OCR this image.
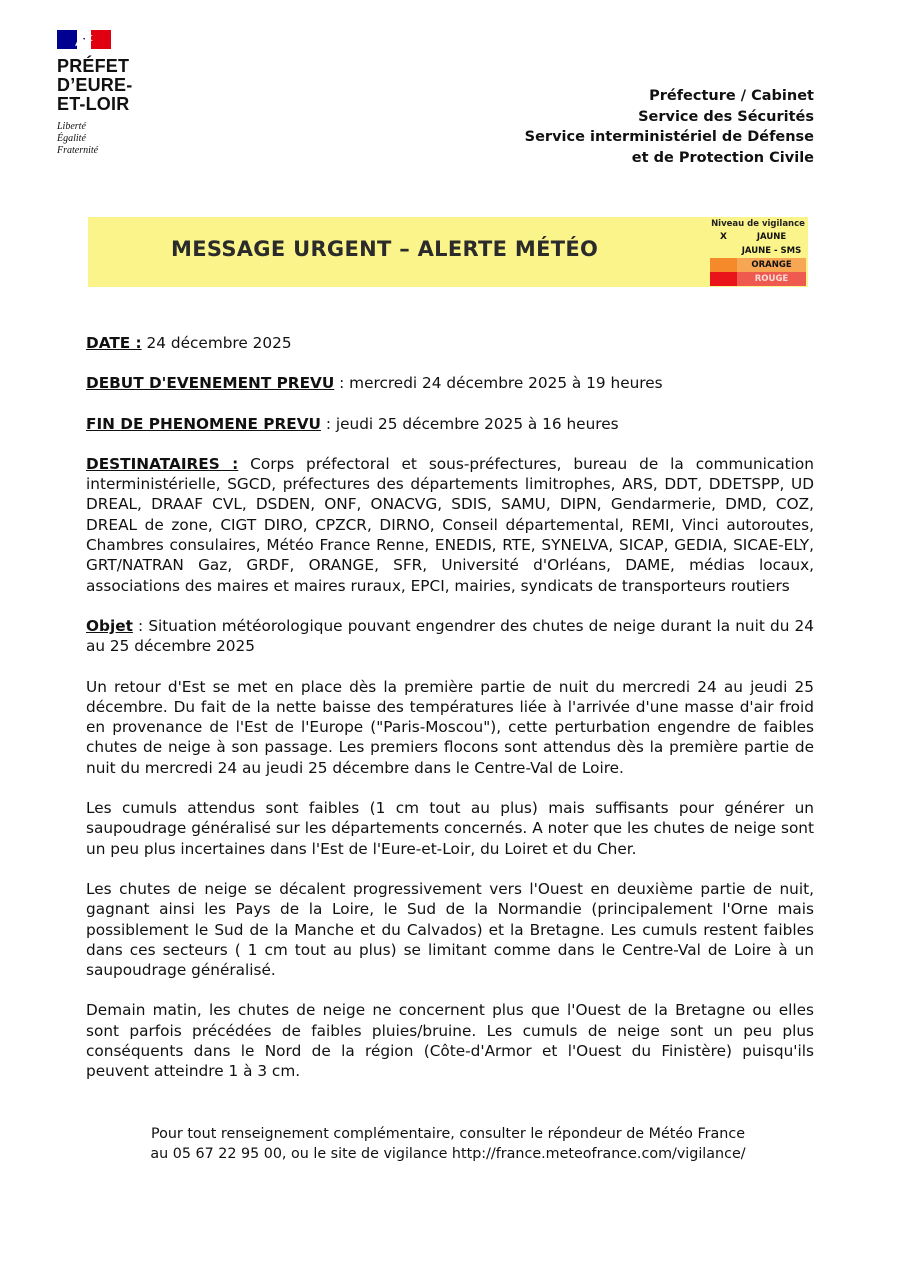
PRÉFET
D’EURE-
ET-LOIR
Liberté
Égalité
Fraternité
Préfecture / Cabinet
Service des Sécurités
Service interministériel de Défense
et de Protection Civile
MESSAGE URGENT – ALERTE MÉTÉO
Niveau de vigilance
X	JAUNE
JAUNE - SMS
ORANGE
ROUGE

DATE : 24 décembre 2025

DEBUT D'EVENEMENT PREVU : mercredi 24 décembre 2025 à 19 heures

FIN DE PHENOMENE PREVU : jeudi 25 décembre 2025 à 16 heures

DESTINATAIRES : Corps préfectoral et sous-préfectures, bureau de la communication interministérielle, SGCD, préfectures des départements limitrophes, ARS, DDT, DDETSPP, UD DREAL, DRAAF CVL, DSDEN, ONF, ONACVG, SDIS, SAMU, DIPN, Gendarmerie, DMD, COZ, DREAL de zone, CIGT DIRO, CPZCR, DIRNO, Conseil départemental, REMI, Vinci autoroutes, Chambres consulaires, Météo France Renne, ENEDIS, RTE, SYNELVA, SICAP, GEDIA, SICAE-ELY, GRT/NATRAN Gaz, GRDF, ORANGE, SFR, Université d'Orléans, DAME, médias locaux, associations des maires et maires ruraux, EPCI, mairies, syndicats de transporteurs routiers

Objet : Situation météorologique pouvant engendrer des chutes de neige durant la nuit du 24 au 25 décembre 2025

Un retour d'Est se met en place dès la première partie de nuit du mercredi 24 au jeudi 25 décembre. Du fait de la nette baisse des températures liée à l'arrivée d'une masse d'air froid en provenance de l'Est de l'Europe ("Paris-Moscou"), cette perturbation engendre de faibles chutes de neige à son passage. Les premiers flocons sont attendus dès la première partie de nuit du mercredi 24 au jeudi 25 décembre dans le Centre-Val de Loire.

Les cumuls attendus sont faibles (1 cm tout au plus) mais suffisants pour générer un saupoudrage généralisé sur les départements concernés. A noter que les chutes de neige sont un peu plus incertaines dans l'Est de l'Eure-et-Loir, du Loiret et du Cher.

Les chutes de neige se décalent progressivement vers l'Ouest en deuxième partie de nuit, gagnant ainsi les Pays de la Loire, le Sud de la Normandie (principalement l'Orne mais possiblement le Sud de la Manche et du Calvados) et la Bretagne. Les cumuls restent faibles dans ces secteurs ( 1 cm tout au plus) se limitant comme dans le Centre-Val de Loire à un saupoudrage généralisé.

Demain matin, les chutes de neige ne concernent plus que l'Ouest de la Bretagne ou elles sont parfois précédées de faibles pluies/bruine. Les cumuls de neige sont un peu plus conséquents dans le Nord de la région (Côte-d'Armor et l'Ouest du Finistère) puisqu'ils peuvent atteindre 1 à 3 cm.

Pour tout renseignement complémentaire, consulter le répondeur de Météo France
au 05 67 22 95 00, ou le site de vigilance http://france.meteofrance.com/vigilance/
